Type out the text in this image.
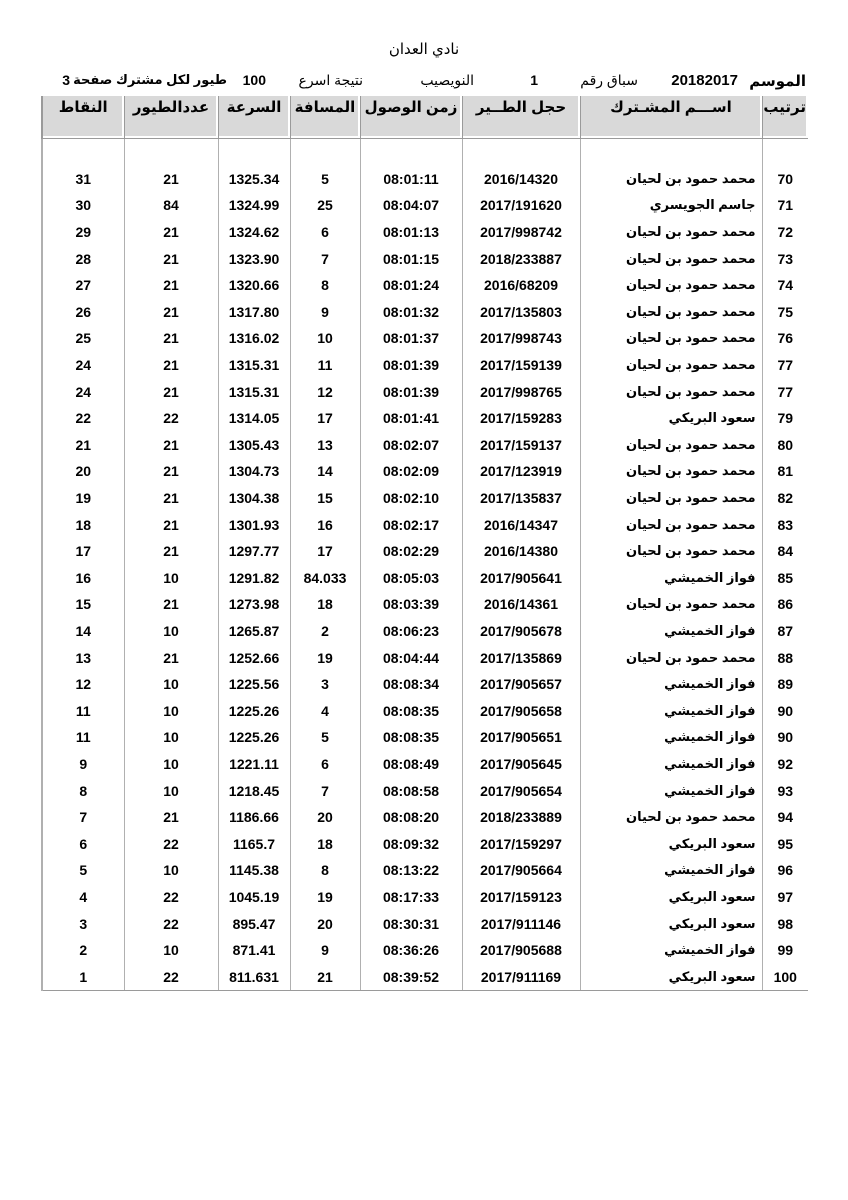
نادي العدان
الموسم
20182017
سباق رقم
1
النويصيب
نتيجة اسرع
100
طيور لكل مشترك صفحة
3
ترتيب	اســـم المشـترك	حجل الطــير	زمن الوصول	المسافة	السرعة	عددالطيور	النقاط

70	محمد حمود بن لحيان	2016/14320	08:01:11	5	1325.34	21	31
71	جاسم الجويسري	2017/191620	08:04:07	25	1324.99	84	30
72	محمد حمود بن لحيان	2017/998742	08:01:13	6	1324.62	21	29
73	محمد حمود بن لحيان	2018/233887	08:01:15	7	1323.90	21	28
74	محمد حمود بن لحيان	2016/68209	08:01:24	8	1320.66	21	27
75	محمد حمود بن لحيان	2017/135803	08:01:32	9	1317.80	21	26
76	محمد حمود بن لحيان	2017/998743	08:01:37	10	1316.02	21	25
77	محمد حمود بن لحيان	2017/159139	08:01:39	11	1315.31	21	24
77	محمد حمود بن لحيان	2017/998765	08:01:39	12	1315.31	21	24
79	سعود البريكي	2017/159283	08:01:41	17	1314.05	22	22
80	محمد حمود بن لحيان	2017/159137	08:02:07	13	1305.43	21	21
81	محمد حمود بن لحيان	2017/123919	08:02:09	14	1304.73	21	20
82	محمد حمود بن لحيان	2017/135837	08:02:10	15	1304.38	21	19
83	محمد حمود بن لحيان	2016/14347	08:02:17	16	1301.93	21	18
84	محمد حمود بن لحيان	2016/14380	08:02:29	17	1297.77	21	17
85	فواز الخميشي	2017/905641	08:05:03	84.033	1291.82	10	16
86	محمد حمود بن لحيان	2016/14361	08:03:39	18	1273.98	21	15
87	فواز الخميشي	2017/905678	08:06:23	2	1265.87	10	14
88	محمد حمود بن لحيان	2017/135869	08:04:44	19	1252.66	21	13
89	فواز الخميشي	2017/905657	08:08:34	3	1225.56	10	12
90	فواز الخميشي	2017/905658	08:08:35	4	1225.26	10	11
90	فواز الخميشي	2017/905651	08:08:35	5	1225.26	10	11
92	فواز الخميشي	2017/905645	08:08:49	6	1221.11	10	9
93	فواز الخميشي	2017/905654	08:08:58	7	1218.45	10	8
94	محمد حمود بن لحيان	2018/233889	08:08:20	20	1186.66	21	7
95	سعود البريكي	2017/159297	08:09:32	18	1165.7	22	6
96	فواز الخميشي	2017/905664	08:13:22	8	1145.38	10	5
97	سعود البريكي	2017/159123	08:17:33	19	1045.19	22	4
98	سعود البريكي	2017/911146	08:30:31	20	895.47	22	3
99	فواز الخميشي	2017/905688	08:36:26	9	871.41	10	2
100	سعود البريكي	2017/911169	08:39:52	21	811.631	22	1
